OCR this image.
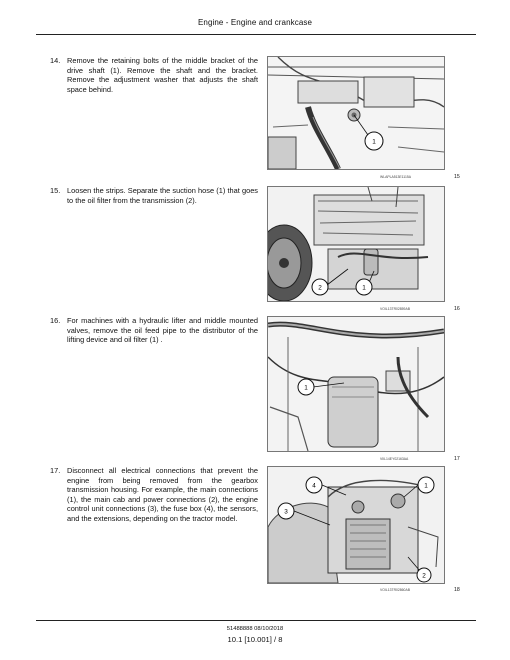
Engine - Engine and crankcase
14. Remove the retaining bolts of the middle bracket of the drive shaft (1). Remove the shaft and the bracket. Remove the adjustment washer that adjusts the shaft space behind.
1
WLAPLA513E1115A	15
15. Loosen the strips. Separate the suction hose (1) that goes to the oil filter from the transmission (2).
2	1
VOIL13TR02859AB	16
16. For machines with a hydraulic lifter and middle mounted valves, remove the oil feed pipe to the distributor of the lifting device and oil filter (1) .
1
VIIL14EY02163AA	17
17. Disconnect all electrical connections that prevent the engine from being removed from the gearbox transmission housing. For example, the main connections (1), the main cab and power connections (2), the engine control unit connections (3), the fuse box (4), the sensors, and the extensions, depending on the tractor model.
4	1
3
2
VOIL13TR02860AB	18
51488888 08/10/2018
10.1 [10.001] / 8
